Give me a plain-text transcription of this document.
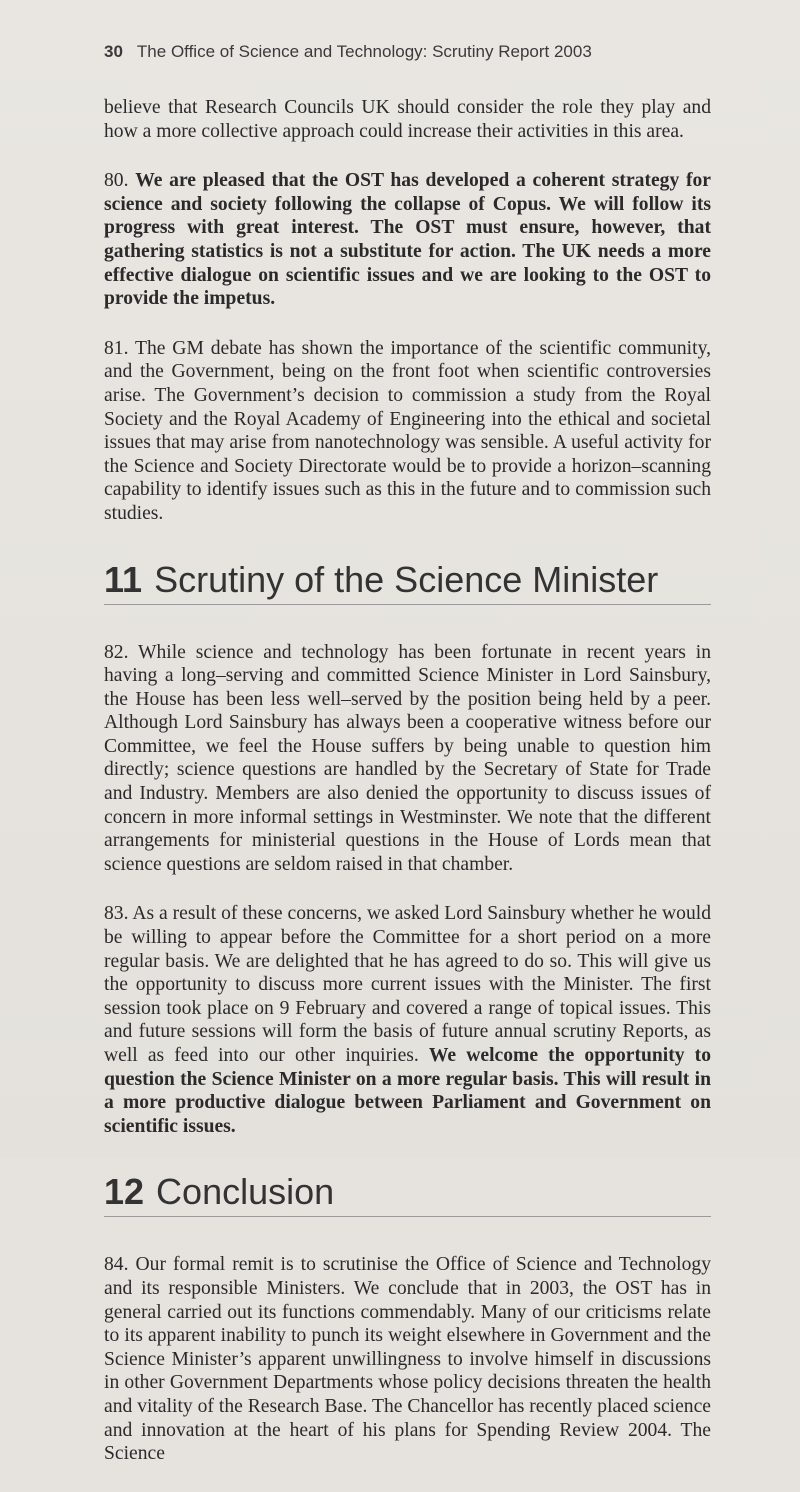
30 The Office of Science and Technology: Scrutiny Report 2003

believe that Research Councils UK should consider the role they play and how a more collective approach could increase their activities in this area.

80. We are pleased that the OST has developed a coherent strategy for science and society following the collapse of Copus. We will follow its progress with great interest. The OST must ensure, however, that gathering statistics is not a substitute for action. The UK needs a more effective dialogue on scientific issues and we are looking to the OST to provide the impetus.

81. The GM debate has shown the importance of the scientific community, and the Government, being on the front foot when scientific controversies arise. The Government’s decision to commission a study from the Royal Society and the Royal Academy of Engineering into the ethical and societal issues that may arise from nanotechnology was sensible. A useful activity for the Science and Society Directorate would be to provide a horizon–scanning capability to identify issues such as this in the future and to commission such studies.

11 Scrutiny of the Science Minister

82. While science and technology has been fortunate in recent years in having a long–serving and committed Science Minister in Lord Sainsbury, the House has been less well–served by the position being held by a peer. Although Lord Sainsbury has always been a cooperative witness before our Committee, we feel the House suffers by being unable to question him directly; science questions are handled by the Secretary of State for Trade and Industry. Members are also denied the opportunity to discuss issues of concern in more informal settings in Westminster. We note that the different arrangements for ministerial questions in the House of Lords mean that science questions are seldom raised in that chamber.

83. As a result of these concerns, we asked Lord Sainsbury whether he would be willing to appear before the Committee for a short period on a more regular basis. We are delighted that he has agreed to do so. This will give us the opportunity to discuss more current issues with the Minister. The first session took place on 9 February and covered a range of topical issues. This and future sessions will form the basis of future annual scrutiny Reports, as well as feed into our other inquiries. We welcome the opportunity to question the Science Minister on a more regular basis. This will result in a more productive dialogue between Parliament and Government on scientific issues.

12 Conclusion

84. Our formal remit is to scrutinise the Office of Science and Technology and its responsible Ministers. We conclude that in 2003, the OST has in general carried out its functions commendably. Many of our criticisms relate to its apparent inability to punch its weight elsewhere in Government and the Science Minister’s apparent unwillingness to involve himself in discussions in other Government Departments whose policy decisions threaten the health and vitality of the Research Base. The Chancellor has recently placed science and innovation at the heart of his plans for Spending Review 2004. The Science
